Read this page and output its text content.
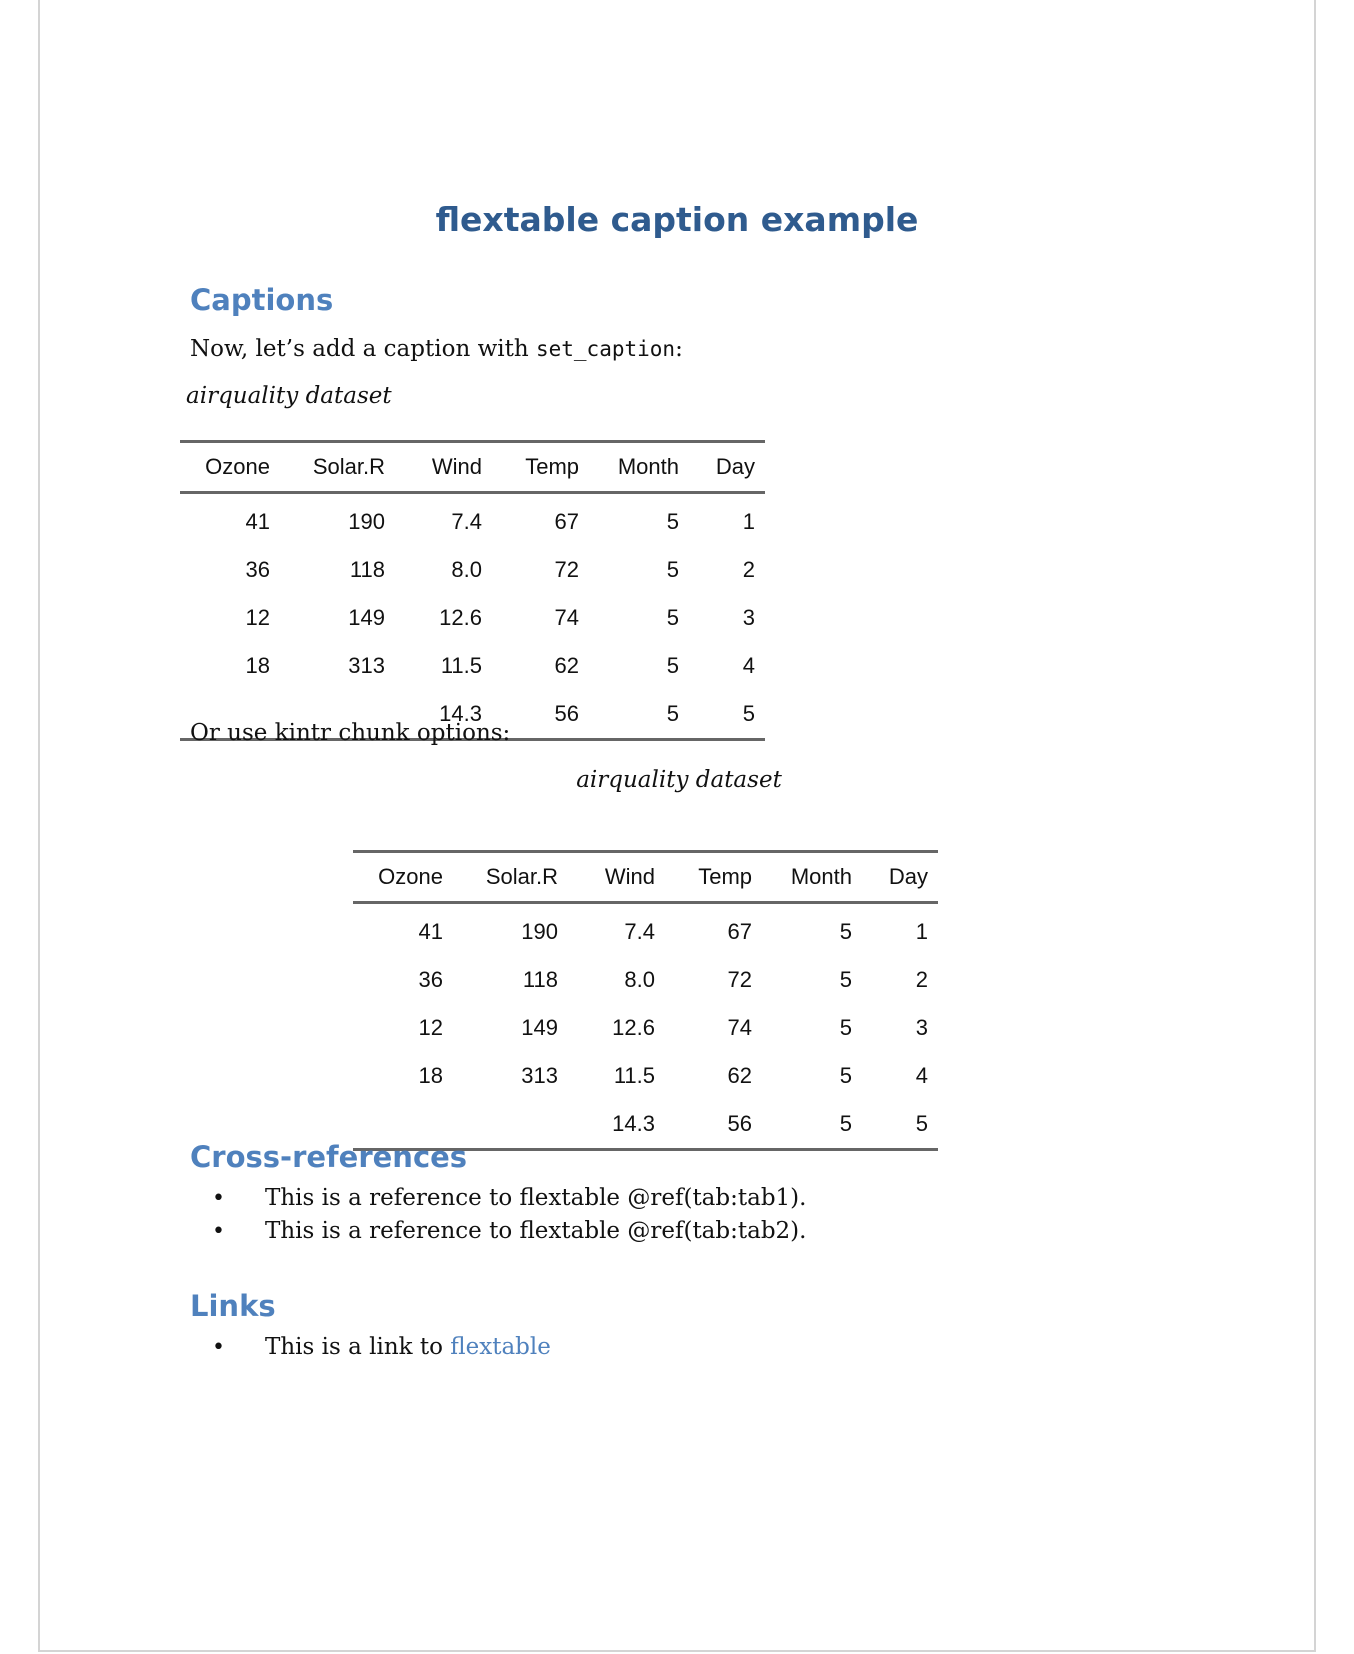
flextable caption example
Captions
Now, let’s add a caption with set_caption:
airquality dataset
Ozone	Solar.R	Wind	Temp	Month	Day
41	190	7.4	67	5	1
36	118	8.0	72	5	2
12	149	12.6	74	5	3
18	313	11.5	62	5	4
		14.3	56	5	5
Or use kintr chunk options:
airquality dataset
Ozone	Solar.R	Wind	Temp	Month	Day
41	190	7.4	67	5	1
36	118	8.0	72	5	2
12	149	12.6	74	5	3
18	313	11.5	62	5	4
		14.3	56	5	5
Cross-references
• This is a reference to flextable @ref(tab:tab1).
• This is a reference to flextable @ref(tab:tab2).
Links
• This is a link to flextable
